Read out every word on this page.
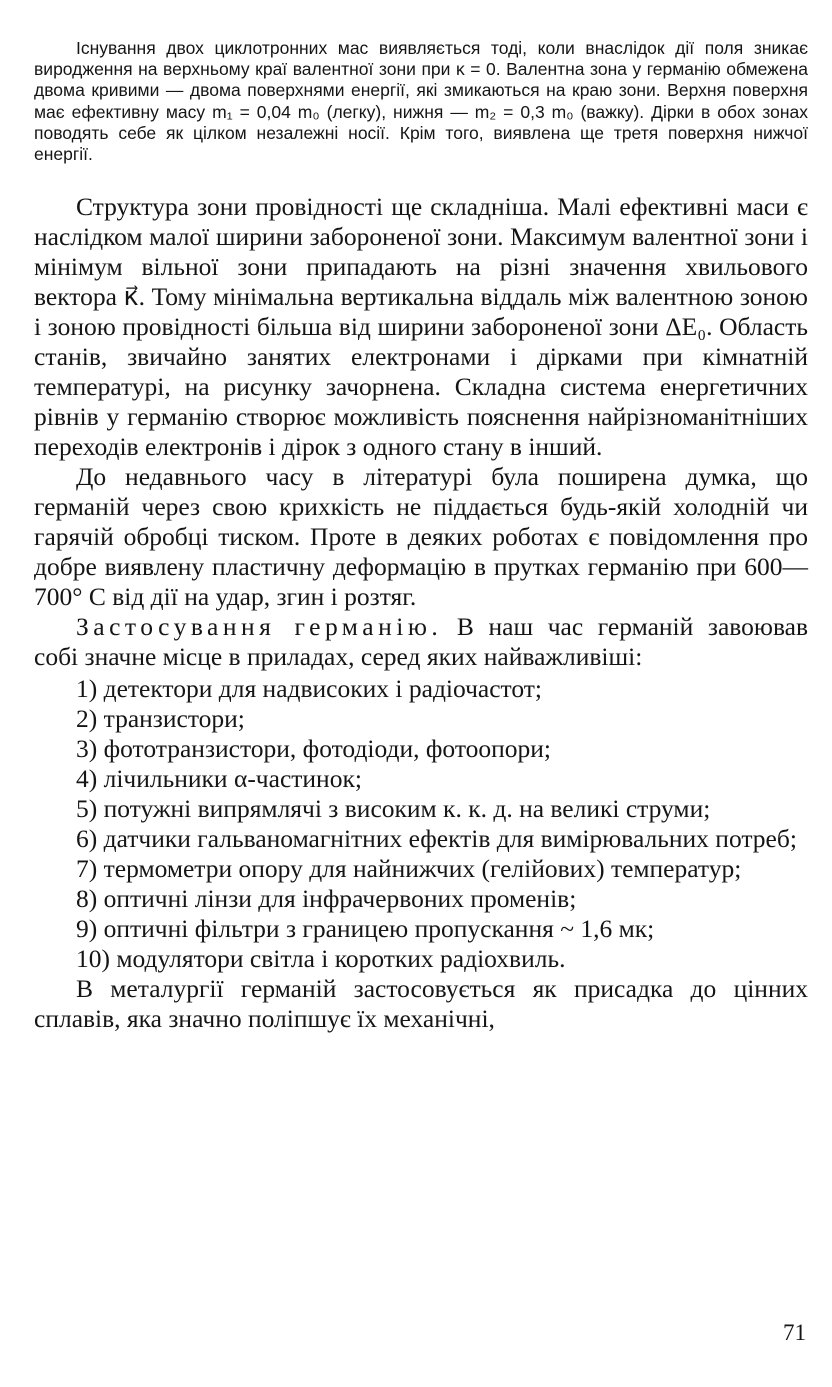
Існування двох циклотронних мас виявляється тоді, коли внаслідок дії поля зникає виродження на верхньому краї валентної зони при κ = 0. Валентна зона у германію обмежена двома кривими — двома поверхнями енергії, які змикаються на краю зони. Верхня поверхня має ефективну масу m₁ = 0,04 m₀ (легку), нижня — m₂ = 0,3 m₀ (важку). Дірки в обох зонах поводять себе як цілком незалежні носії. Крім того, виявлена ще третя поверхня нижчої енергії.

Структура зони провідності ще складніша. Малі ефективні маси є наслідком малої ширини забороненої зони. Максимум валентної зони і мінімум вільної зони припадають на різні значення хвильового вектора κ⃗. Тому мінімальна вертикальна віддаль між валентною зоною і зоною провідності більша від ширини забороненої зони ΔE₀. Область станів, звичайно занятих електронами і дірками при кімнатній температурі, на рисунку зачорнена. Складна система енергетичних рівнів у германію створює можливість пояснення найрізноманітніших переходів електронів і дірок з одного стану в інший.

До недавнього часу в літературі була поширена думка, що германій через свою крихкість не піддається будь-якій холодній чи гарячій обробці тиском. Проте в деяких роботах є повідомлення про добре виявлену пластичну деформацію в прутках германію при 600—700° С від дії на удар, згин і розтяг.

Застосування германію. В наш час германій завоював собі значне місце в приладах, серед яких найважливіші:

1) детектори для надвисоких і радіочастот;
2) транзистори;
3) фототранзистори, фотодіоди, фотоопори;
4) лічильники α-частинок;
5) потужні випрямлячі з високим к. к. д. на великі струми;
6) датчики гальваномагнітних ефектів для вимірювальних потреб;
7) термометри опору для найнижчих (гелійових) температур;
8) оптичні лінзи для інфрачервоних променів;
9) оптичні фільтри з границею пропускання ~ 1,6 мк;
10) модулятори світла і коротких радіохвиль.

В металургії германій застосовується як присадка до цінних сплавів, яка значно поліпшує їх механічні,

71
